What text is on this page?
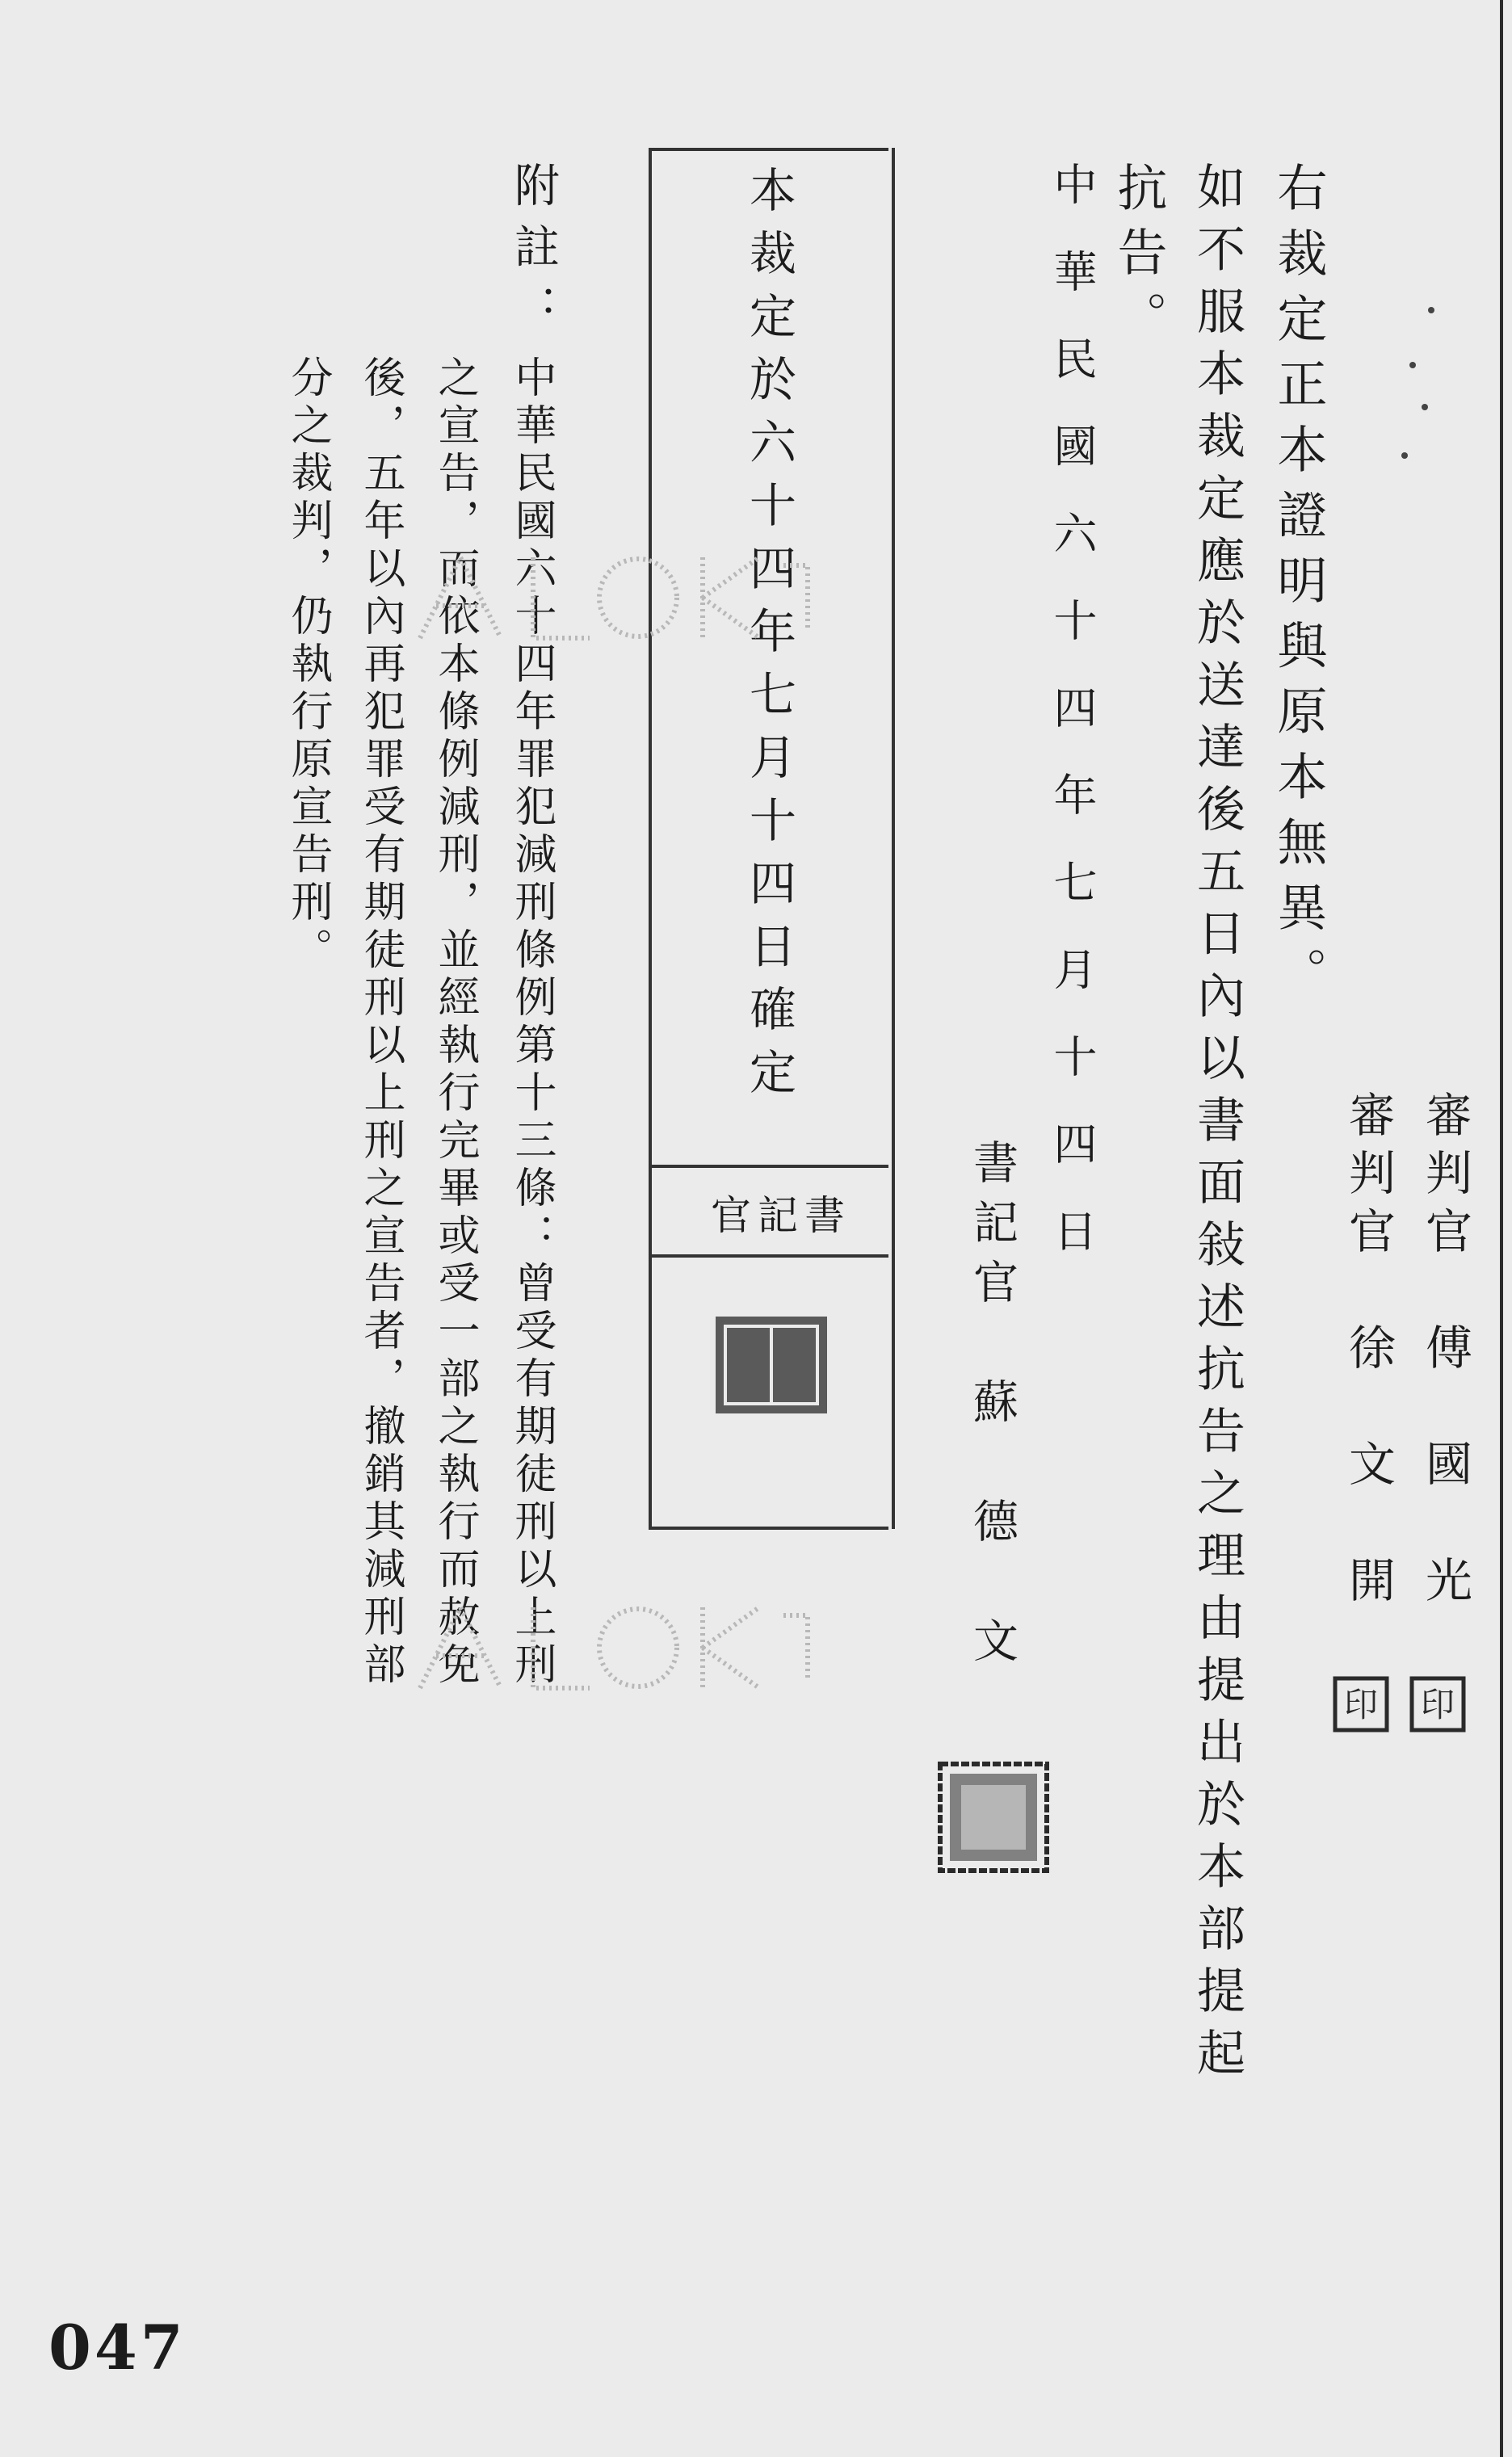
右裁定正本證明與原本無異。
如不服本裁定應於送達後五日內以書面敍述抗告之理由提出於本部提起
抗告。
中　華　民　國　六　十　四　年　七　月　十　四　日
審判官　傅　國　光
審判官　徐　文　開
印
印
書記官　蘇　德　文
本裁定於六十四年七月十四日確定
官記書
附註：
中華民國六十四年罪犯減刑條例第十三條：曾受有期徒刑以上刑
之宣告，而依本條例減刑，並經執行完畢或受一部之執行而赦免
後，五年以內再犯罪受有期徒刑以上刑之宣告者，撤銷其減刑部
分之裁判，仍執行原宣告刑。
047
